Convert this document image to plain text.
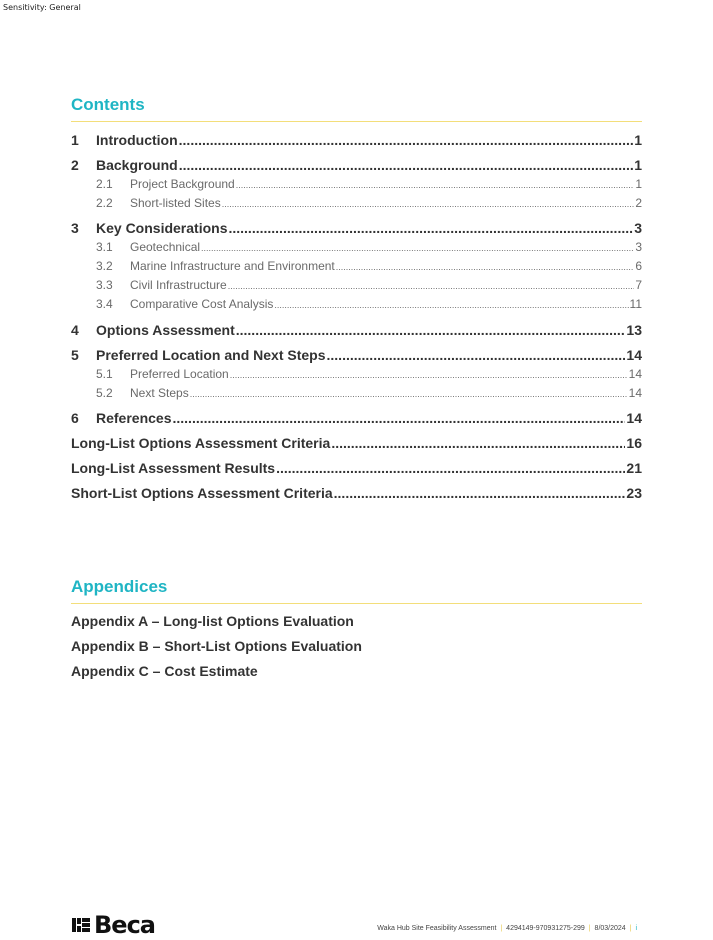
Sensitivity: General
Contents
1	Introduction .....	1
2	Background .....	1
2.1	Project Background .....	1
2.2	Short-listed Sites .....	2
3	Key Considerations .....	3
3.1	Geotechnical .....	3
3.2	Marine Infrastructure and Environment .....	6
3.3	Civil Infrastructure .....	7
3.4	Comparative Cost Analysis .....	11
4	Options Assessment .....	13
5	Preferred Location and Next Steps .....	14
5.1	Preferred Location .....	14
5.2	Next Steps .....	14
6	References .....	14
Long-List Options Assessment Criteria .....	16
Long-List Assessment Results .....	21
Short-List Options Assessment Criteria .....	23
Appendices
Appendix A – Long-list Options Evaluation
Appendix B – Short-List Options Evaluation
Appendix C – Cost Estimate
Beca	Waka Hub Site Feasibility Assessment | 4294149-970931275-299 | 8/03/2024 | i
